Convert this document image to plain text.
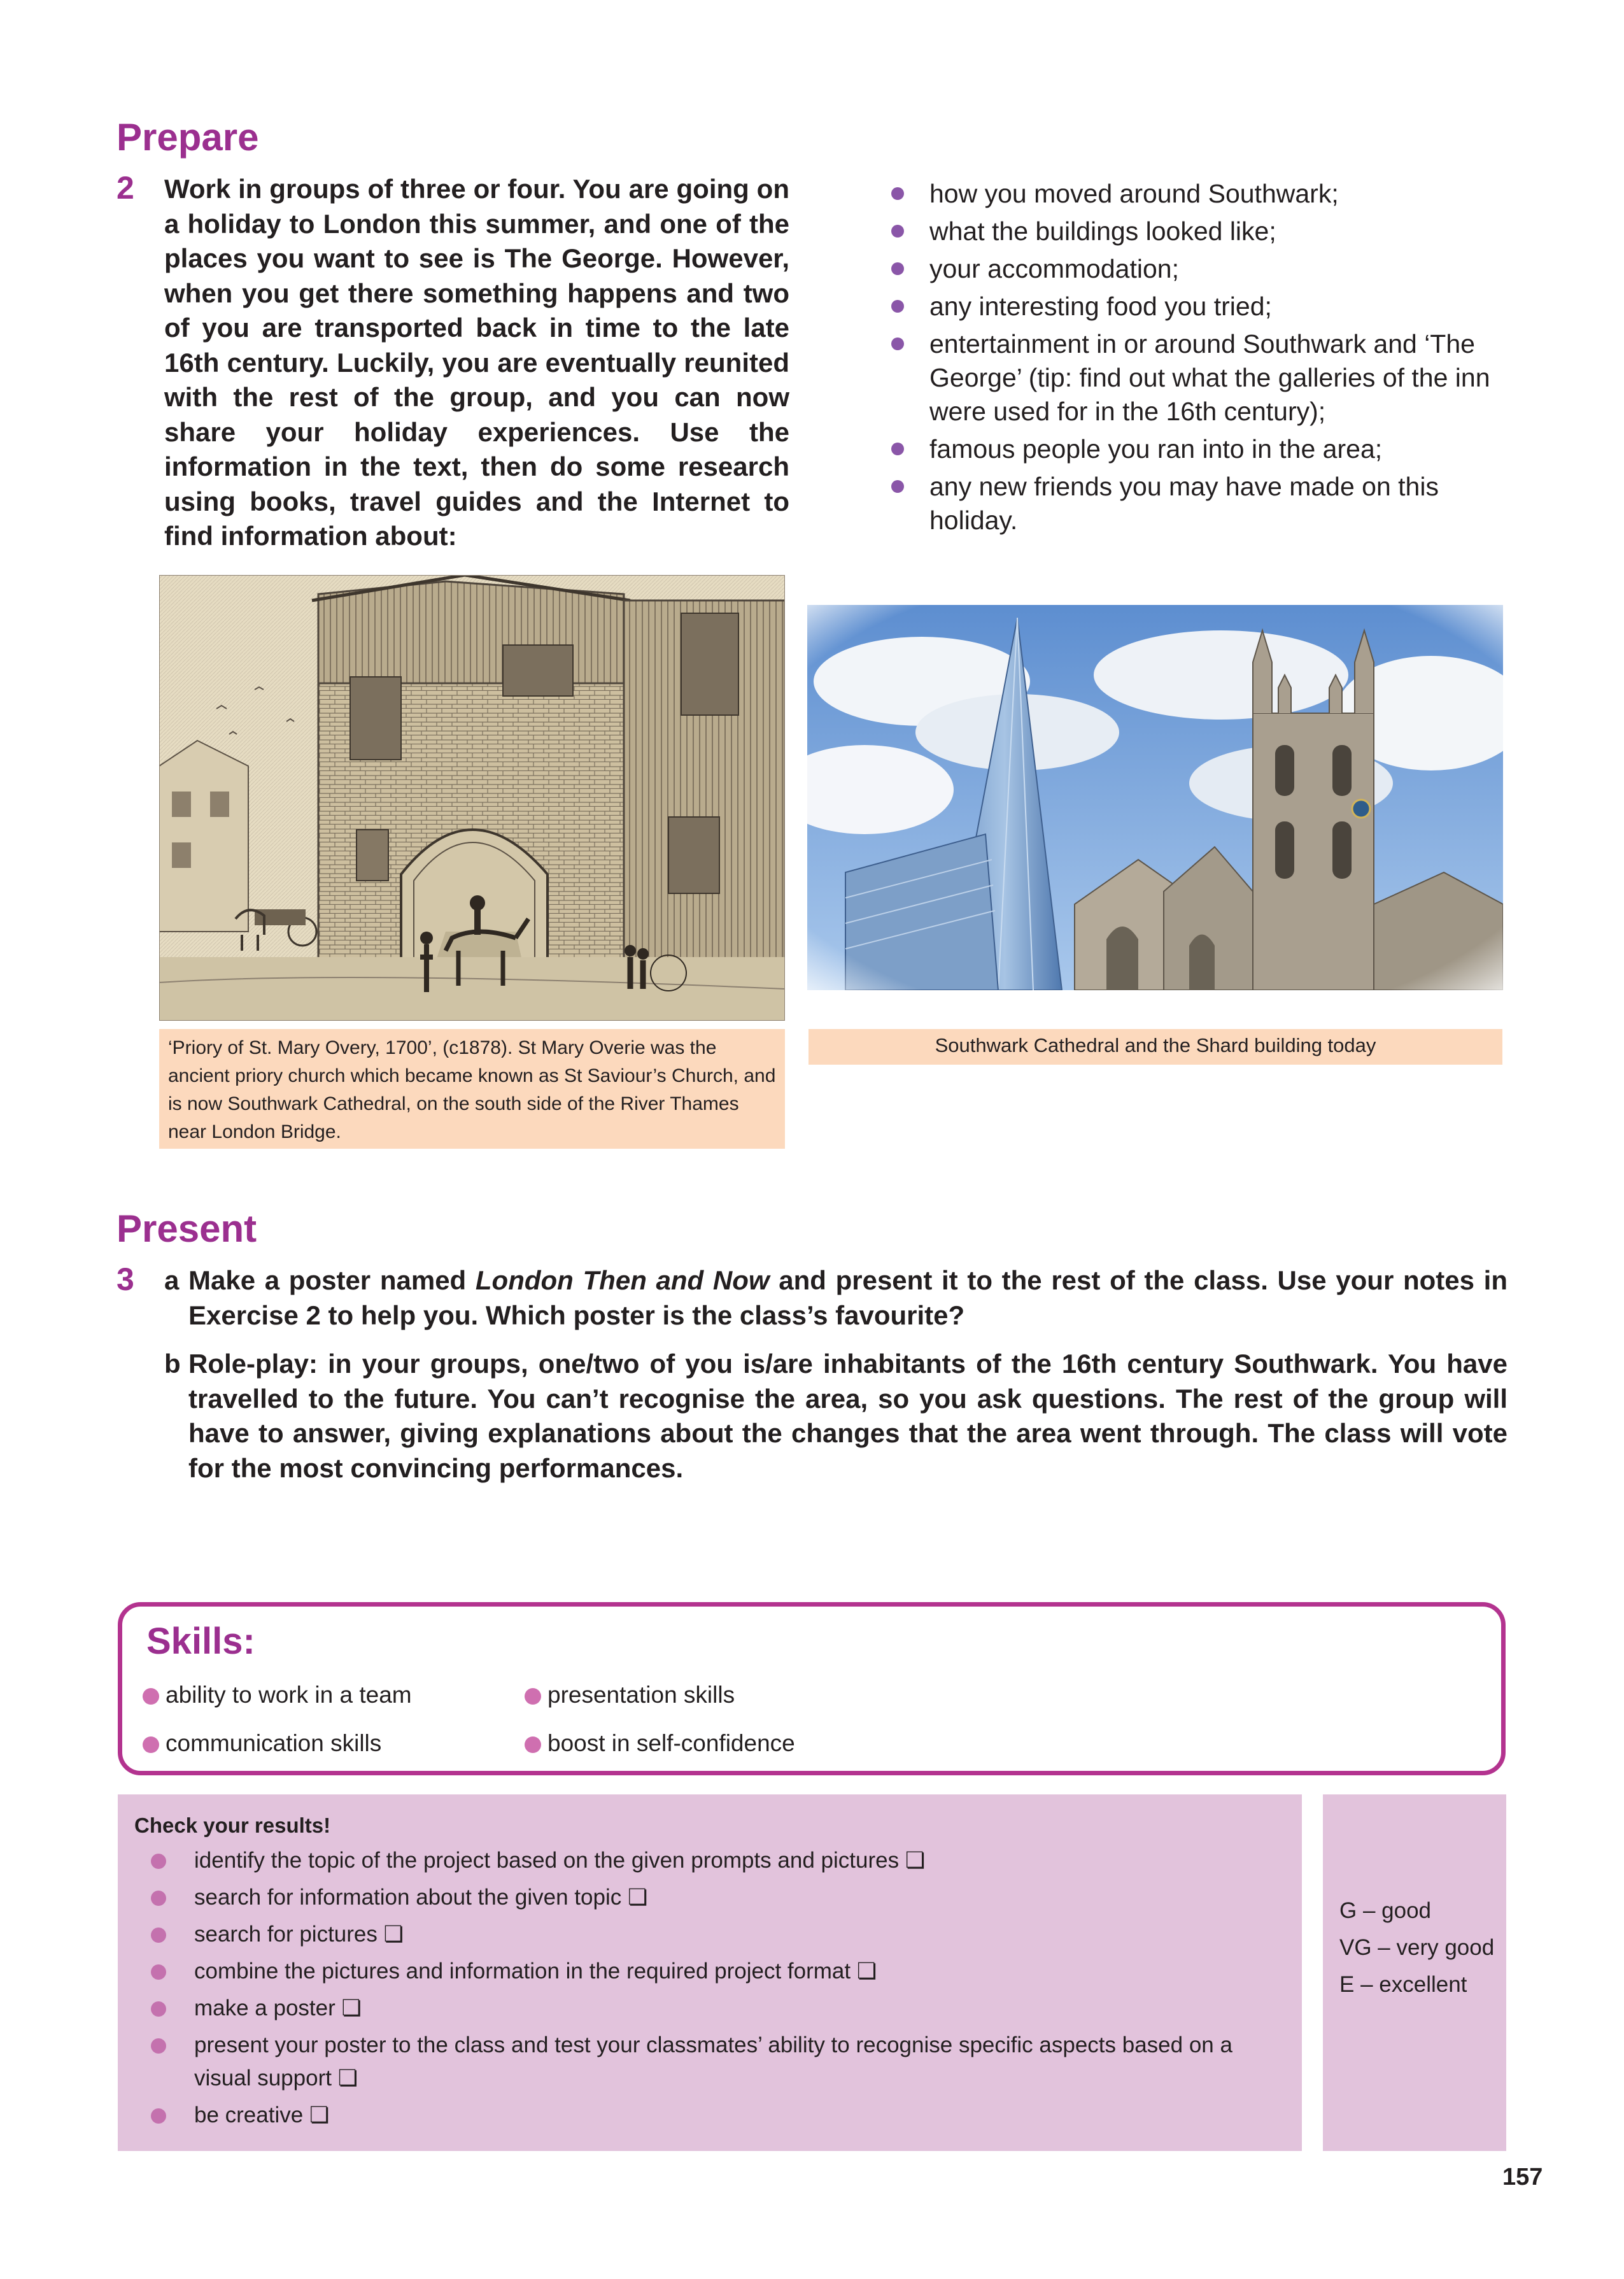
Prepare
2 Work in groups of three or four. You are going on a holiday to London this summer, and one of the places you want to see is The George. However, when you get there something happens and two of you are transported back in time to the late 16th century. Luckily, you are eventually reunited with the rest of the group, and you can now share your holiday experiences. Use the information in the text, then do some research using books, travel guides and the Internet to find information about:
how you moved around Southwark;
what the buildings looked like;
your accommodation;
any interesting food you tried;
entertainment in or around Southwark and ‘The George’ (tip: find out what the galleries of the inn were used for in the 16th century);
famous people you ran into in the area;
any new friends you may have made on this holiday.
‘Priory of St. Mary Overy, 1700’, (c1878). St Mary Overie was the ancient priory church which became known as St Saviour’s Church, and is now Southwark Cathedral, on the south side of the River Thames near London Bridge.
Southwark Cathedral and the Shard building today
Present
3 a Make a poster named London Then and Now and present it to the rest of the class. Use your notes in Exercise 2 to help you. Which poster is the class’s favourite?
b Role-play: in your groups, one/two of you is/are inhabitants of the 16th century Southwark. You have travelled to the future. You can’t recognise the area, so you ask questions. The rest of the group will have to answer, giving explanations about the changes that the area went through. The class will vote for the most convincing performances.
Skills:
ability to work in a team	presentation skills
communication skills	boost in self-confidence
Check your results!
identify the topic of the project based on the given prompts and pictures ❏
search for information about the given topic ❏
search for pictures ❏
combine the pictures and information in the required project format ❏
make a poster ❏
present your poster to the class and test your classmates’ ability to recognise specific aspects based on a visual support ❏
be creative ❏
G – good
VG – very good
E – excellent
157
